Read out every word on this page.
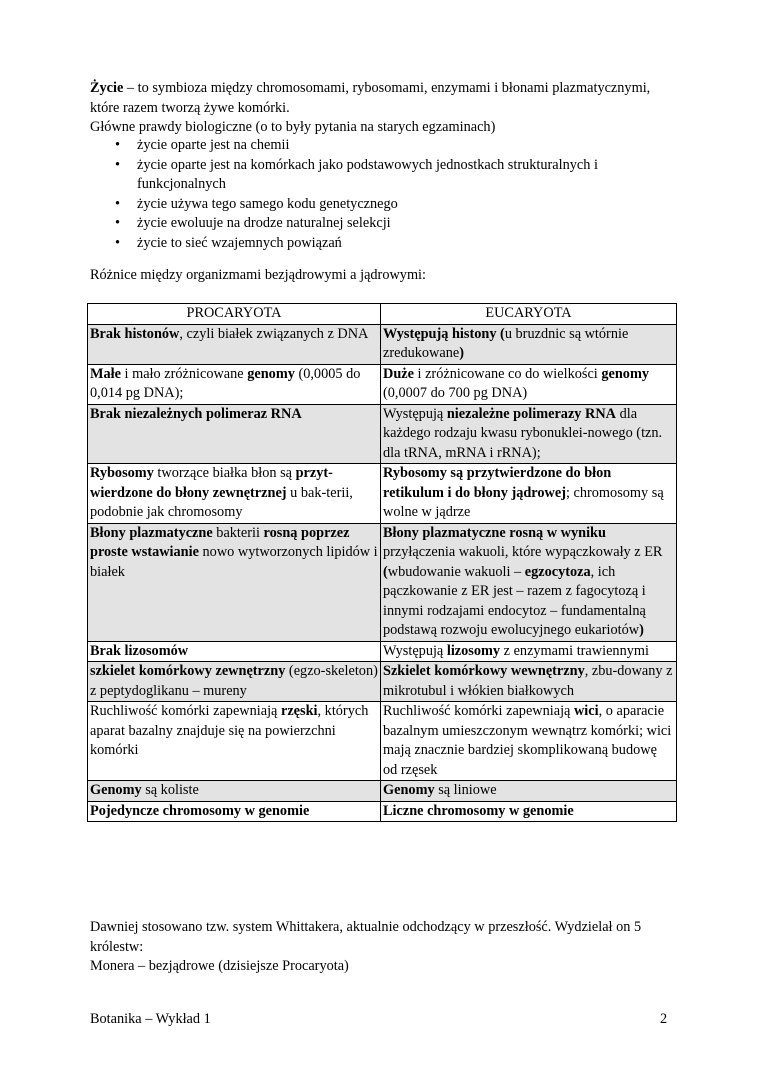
Życie – to symbioza między chromosomami, rybosomami, enzymami i błonami plazmatycznymi, które razem tworzą żywe komórki.
Główne prawdy biologiczne (o to były pytania na starych egzaminach)
• życie oparte jest na chemii
• życie oparte jest na komórkach jako podstawowych jednostkach strukturalnych i funkcjonalnych
• życie używa tego samego kodu genetycznego
• życie ewoluuje na drodze naturalnej selekcji
• życie to sieć wzajemnych powiązań
Różnice między organizmami bezjądrowymi a jądrowymi:
PROCARYOTA	EUCARYOTA
Brak histonów, czyli białek związanych z DNA	Występują histony (u bruzdnic są wtórnie zredukowane)
Małe i mało zróżnicowane genomy (0,0005 do 0,014 pg DNA);	Duże i zróżnicowane co do wielkości genomy (0,0007 do 700 pg DNA)
Brak niezależnych polimeraz RNA	Występują niezależne polimerazy RNA dla każdego rodzaju kwasu rybonuklei-nowego (tzn. dla tRNA, mRNA i rRNA);
Rybosomy tworzące białka błon są przyt-wierdzone do błony zewnętrznej u bak-terii, podobnie jak chromosomy	Rybosomy są przytwierdzone do błon retikulum i do błony jądrowej; chromosomy są wolne w jądrze
Błony plazmatyczne bakterii rosną poprzez proste wstawianie nowo wytworzonych lipidów i białek	Błony plazmatyczne rosną w wyniku przyłączenia wakuoli, które wypączkowały z ER (wbudowanie wakuoli – egzocytoza, ich pączkowanie z ER jest – razem z fagocytozą i innymi rodzajami endocytoz – fundamentalną podstawą rozwoju ewolucyjnego eukariotów)
Brak lizosomów	Występują lizosomy z enzymami trawiennymi
szkielet komórkowy zewnętrzny (egzo-skeleton) z peptydoglikanu – mureny	Szkielet komórkowy wewnętrzny, zbu-dowany z mikrotubul i włókien białkowych
Ruchliwość komórki zapewniają rzęski, których aparat bazalny znajduje się na powierzchni komórki	Ruchliwość komórki zapewniają wici, o aparacie bazalnym umieszczonym wewnątrz komórki; wici mają znacznie bardziej skomplikowaną budowę od rzęsek
Genomy są koliste	Genomy są liniowe
Pojedyncze chromosomy w genomie	Liczne chromosomy w genomie
Dawniej stosowano tzw. system Whittakera, aktualnie odchodzący w przeszłość. Wydzielał on 5 królestw:
Monera – bezjądrowe (dzisiejsze Procaryota)
Botanika – Wykład 1	2
